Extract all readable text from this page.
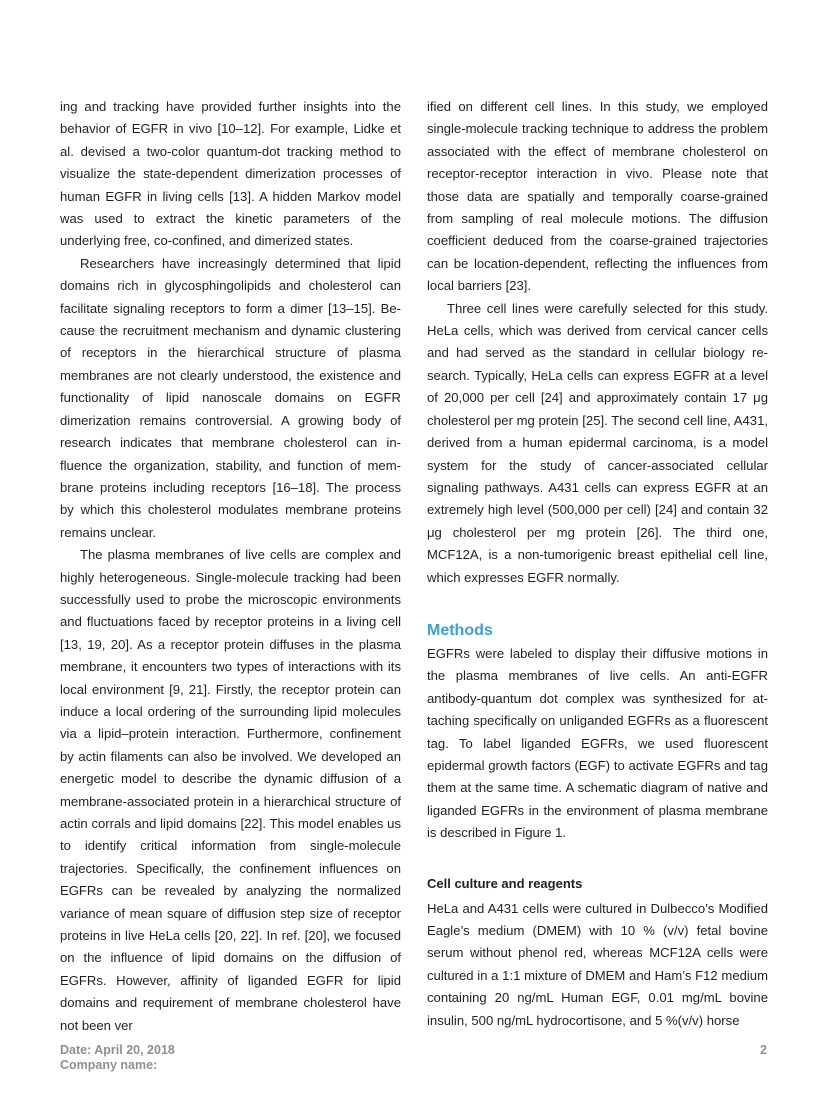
ing and tracking have provided further insights into the behavior of EGFR in vivo [10–12]. For example, Lidke et al. devised a two-color quantum-dot tracking method to visualize the state-dependent dimerization processes of human EGFR in living cells [13]. A hidden Markov model was used to extract the kinetic parameters of the underlying free, co-confined, and dimerized states.

Researchers have increasingly determined that lipid domains rich in glycosphingolipids and cholesterol can facilitate signaling receptors to form a dimer [13–15]. Because the recruitment mechanism and dynamic clustering of receptors in the hierarchical structure of plasma membranes are not clearly understood, the existence and functionality of lipid nanoscale domains on EGFR dimerization remains controversial. A growing body of research indicates that membrane cholesterol can influence the organization, stability, and function of membrane proteins including receptors [16–18]. The process by which this cholesterol modulates membrane proteins remains unclear.

The plasma membranes of live cells are complex and highly heterogeneous. Single-molecule tracking had been successfully used to probe the microscopic environments and fluctuations faced by receptor proteins in a living cell [13, 19, 20]. As a receptor protein diffuses in the plasma membrane, it encounters two types of interactions with its local environment [9, 21]. Firstly, the receptor protein can induce a local ordering of the surrounding lipid molecules via a lipid–protein interaction. Furthermore, confinement by actin filaments can also be involved. We developed an energetic model to describe the dynamic diffusion of a membrane-associated protein in a hierarchical structure of actin corrals and lipid domains [22]. This model enables us to identify critical information from single-molecule trajectories. Specifically, the confinement influences on EGFRs can be revealed by analyzing the normalized variance of mean square of diffusion step size of receptor proteins in live HeLa cells [20, 22]. In ref. [20], we focused on the influence of lipid domains on the diffusion of EGFRs. However, affinity of liganded EGFR for lipid domains and requirement of membrane cholesterol have not been ver

ified on different cell lines. In this study, we employed single-molecule tracking technique to address the problem associated with the effect of membrane cholesterol on receptor-receptor interaction in vivo. Please note that those data are spatially and temporally coarse-grained from sampling of real molecule motions. The diffusion coefficient deduced from the coarse-grained trajectories can be location-dependent, reflecting the influences from local barriers [23].

Three cell lines were carefully selected for this study. HeLa cells, which was derived from cervical cancer cells and had served as the standard in cellular biology research. Typically, HeLa cells can express EGFR at a level of 20,000 per cell [24] and approximately contain 17 μg cholesterol per mg protein [25]. The second cell line, A431, derived from a human epidermal carcinoma, is a model system for the study of cancer-associated cellular signaling pathways. A431 cells can express EGFR at an extremely high level (500,000 per cell) [24] and contain 32 μg cholesterol per mg protein [26]. The third one, MCF12A, is a non-tumorigenic breast epithelial cell line, which expresses EGFR normally.

Methods

EGFRs were labeled to display their diffusive motions in the plasma membranes of live cells. An anti-EGFR antibody-quantum dot complex was synthesized for attaching specifically on unliganded EGFRs as a fluorescent tag. To label liganded EGFRs, we used fluorescent epidermal growth factors (EGF) to activate EGFRs and tag them at the same time. A schematic diagram of native and liganded EGFRs in the environment of plasma membrane is described in Figure 1.

Cell culture and reagents

HeLa and A431 cells were cultured in Dulbecco’s Modified Eagle’s medium (DMEM) with 10 % (v/v) fetal bovine serum without phenol red, whereas MCF12A cells were cultured in a 1:1 mixture of DMEM and Ham’s F12 medium containing 20 ng/mL Human EGF, 0.01 mg/mL bovine insulin, 500 ng/mL hydrocortisone, and 5 %(v/v) horse

Date: April 20, 2018
Company name:
2
